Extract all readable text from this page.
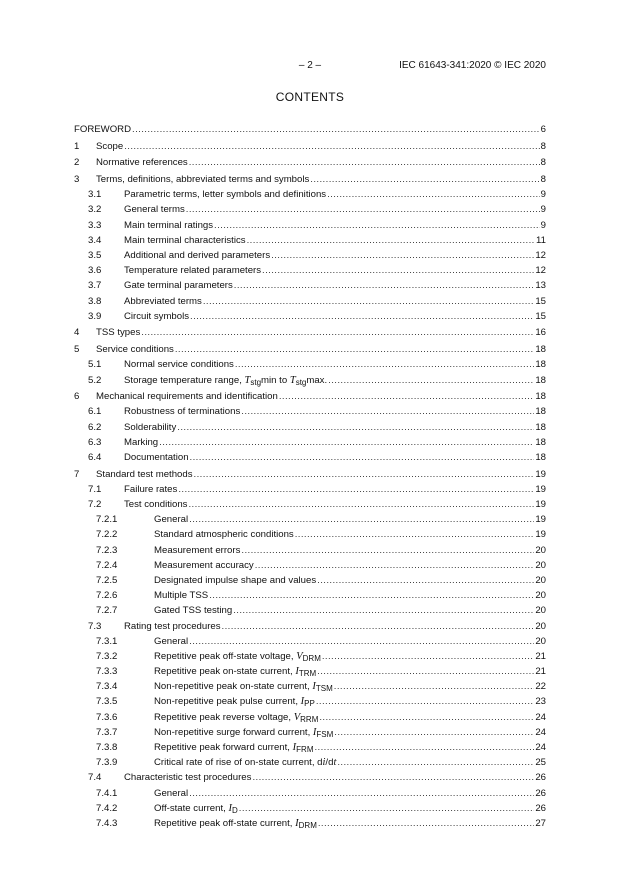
– 2 –	IEC 61643-341:2020 © IEC 2020
CONTENTS
FOREWORD .....	6
1 Scope .....	8
2 Normative references .....	8
3 Terms, definitions, abbreviated terms and symbols .....	8
3.1 Parametric terms, letter symbols and definitions .....	9
3.2 General terms .....	9
3.3 Main terminal ratings .....	9
3.4 Main terminal characteristics .....	11
3.5 Additional and derived parameters .....	12
3.6 Temperature related parameters .....	12
3.7 Gate terminal parameters .....	13
3.8 Abbreviated terms .....	15
3.9 Circuit symbols .....	15
4 TSS types .....	16
5 Service conditions .....	18
5.1 Normal service conditions .....	18
5.2 Storage temperature range, $T_{stg}\min$ to $T_{stg}\max$. .....	18
6 Mechanical requirements and identification .....	18
6.1 Robustness of terminations .....	18
6.2 Solderability .....	18
6.3 Marking .....	18
6.4 Documentation .....	18
7 Standard test methods .....	19
7.1 Failure rates .....	19
7.2 Test conditions .....	19
7.2.1	General .....	19
7.2.2	Standard atmospheric conditions .....	19
7.2.3	Measurement errors .....	20
7.2.4	Measurement accuracy .....	20
7.2.5	Designated impulse shape and values .....	20
7.2.6	Multiple TSS .....	20
7.2.7	Gated TSS testing .....	20
7.3 Rating test procedures .....	20
7.3.1	General .....	20
7.3.2	Repetitive peak off-state voltage, $V_{DRM}$ .....	21
7.3.3	Repetitive peak on-state current, $I_{TRM}$ .....	21
7.3.4	Non-repetitive peak on-state current, $I_{TSM}$ .....	22
7.3.5	Non-repetitive peak pulse current, $I_{PP}$ .....	23
7.3.6	Repetitive peak reverse voltage, $V_{RRM}$ .....	24
7.3.7	Non-repetitive surge forward current, $I_{FSM}$ .....	24
7.3.8	Repetitive peak forward current, $I_{FRM}$ .....	24
7.3.9	Critical rate of rise of on-state current, di/dt .....	25
7.4 Characteristic test procedures .....	26
7.4.1	General .....	26
7.4.2	Off-state current, $I_D$ .....	26
7.4.3	Repetitive peak off-state current, $I_{DRM}$ .....	27
